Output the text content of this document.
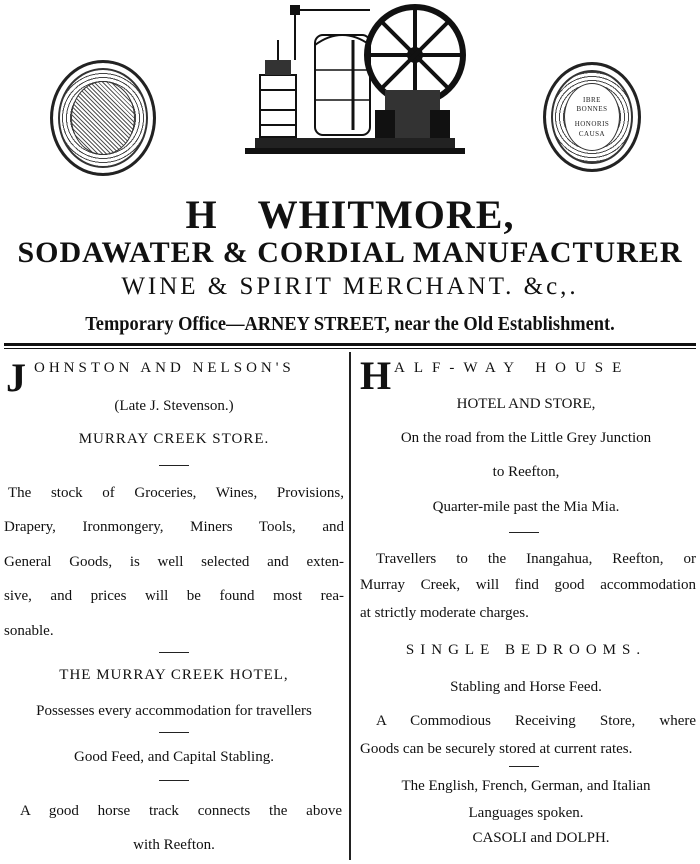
IBRE
BONNES
HONORIS
CAUSA
H WHITMORE,
SODAWATER & CORDIAL MANUFACTURER
WINE & SPIRIT MERCHANT. &c,.
Temporary Office—ARNEY STREET, near the Old Establishment.
J OHNSTON AND NELSON'S
(Late J. Stevenson.)
MURRAY CREEK STORE.
The stock of Groceries, Wines, Provisions,
Drapery, Ironmongery, Miners Tools, and
General Goods, is well selected and exten-
sive, and prices will be found most rea-
sonable.
THE MURRAY CREEK HOTEL,
Possesses every accommodation for travellers
Good Feed, and Capital Stabling.
A good horse track connects the above
with Reefton.
H ALF-WAY HOUSE
HOTEL AND STORE,
On the road from the Little Grey Junction
to Reefton,
Quarter-mile past the Mia Mia.
Travellers to the Inangahua, Reefton, or
Murray Creek, will find good accommodation
at strictly moderate charges.
SINGLE BEDROOMS.
Stabling and Horse Feed.
A Commodious Receiving Store, where
Goods can be securely stored at current rates.
The English, French, German, and Italian
Languages spoken.
CASOLI and DOLPH.
